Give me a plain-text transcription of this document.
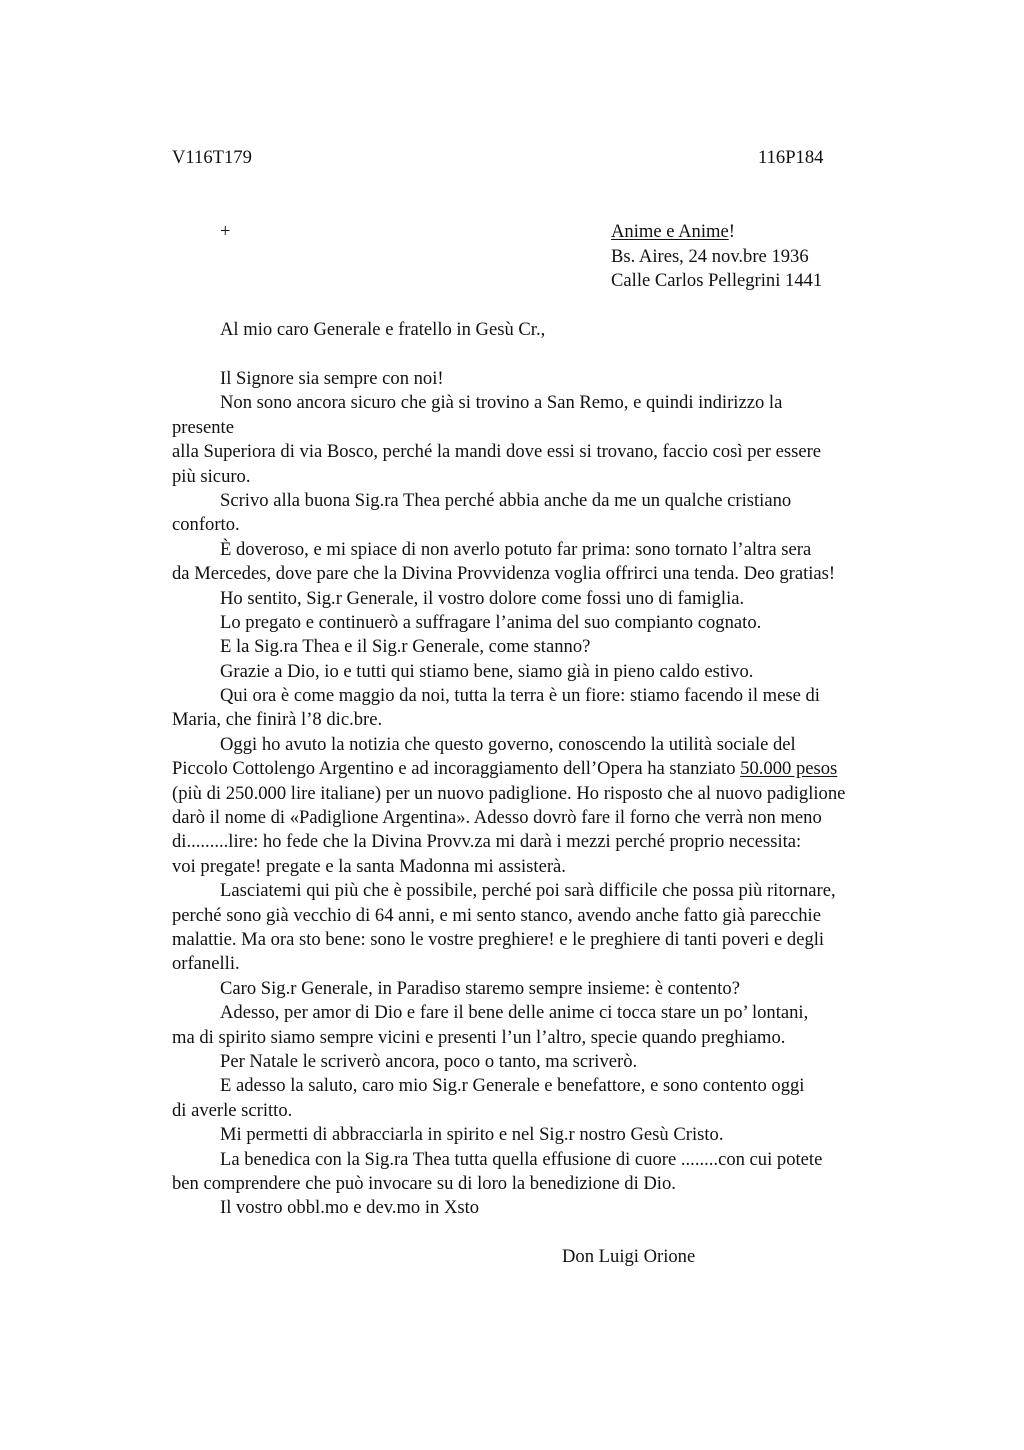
V116T179	116P184
+	Anime e Anime!
Bs. Aires, 24 nov.bre 1936
Calle Carlos Pellegrini 1441
Al mio caro Generale e fratello in Gesù Cr.,
Il Signore sia sempre con noi!
Non sono ancora sicuro che già si trovino a San Remo, e quindi indirizzo la
presente
alla Superiora di via Bosco, perché la mandi dove essi si trovano, faccio così per essere
più sicuro.
Scrivo alla buona Sig.ra Thea perché abbia anche da me un qualche cristiano
conforto.
È doveroso, e mi spiace di non averlo potuto far prima: sono tornato l’altra sera
da Mercedes, dove pare che la Divina Provvidenza voglia offrirci una tenda. Deo gratias!
Ho sentito, Sig.r Generale, il vostro dolore come fossi uno di famiglia.
Lo pregato e continuerò a suffragare l’anima del suo compianto cognato.
E la Sig.ra Thea e il Sig.r Generale, come stanno?
Grazie a Dio, io e tutti qui stiamo bene, siamo già in pieno caldo estivo.
Qui ora è come maggio da noi, tutta la terra è un fiore: stiamo facendo il mese di
Maria, che finirà l’8 dic.bre.
Oggi ho avuto la notizia che questo governo, conoscendo la utilità sociale del
Piccolo Cottolengo Argentino e ad incoraggiamento dell’Opera ha stanziato 50.000 pesos
(più di 250.000 lire italiane) per un nuovo padiglione. Ho risposto che al nuovo padiglione
darò il nome di «Padiglione Argentina». Adesso dovrò fare il forno che verrà non meno
di.........lire: ho fede che la Divina Provv.za mi darà i mezzi perché proprio necessita:
voi pregate! pregate e la santa Madonna mi assisterà.
Lasciatemi qui più che è possibile, perché poi sarà difficile che possa più ritornare,
perché sono già vecchio di 64 anni, e mi sento stanco, avendo anche fatto già parecchie
malattie. Ma ora sto bene: sono le vostre preghiere! e le preghiere di tanti poveri e degli
orfanelli.
Caro Sig.r Generale, in Paradiso staremo sempre insieme: è contento?
Adesso, per amor di Dio e fare il bene delle anime ci tocca stare un po’ lontani,
ma di spirito siamo sempre vicini e presenti l’un l’altro, specie quando preghiamo.
Per Natale le scriverò ancora, poco o tanto, ma scriverò.
E adesso la saluto, caro mio Sig.r Generale e benefattore, e sono contento oggi
di averle scritto.
Mi permetti di abbracciarla in spirito e nel Sig.r nostro Gesù Cristo.
La benedica con la Sig.ra Thea tutta quella effusione di cuore ........con cui potete
ben comprendere che può invocare su di loro la benedizione di Dio.
Il vostro obbl.mo e dev.mo in Xsto
Don Luigi Orione
